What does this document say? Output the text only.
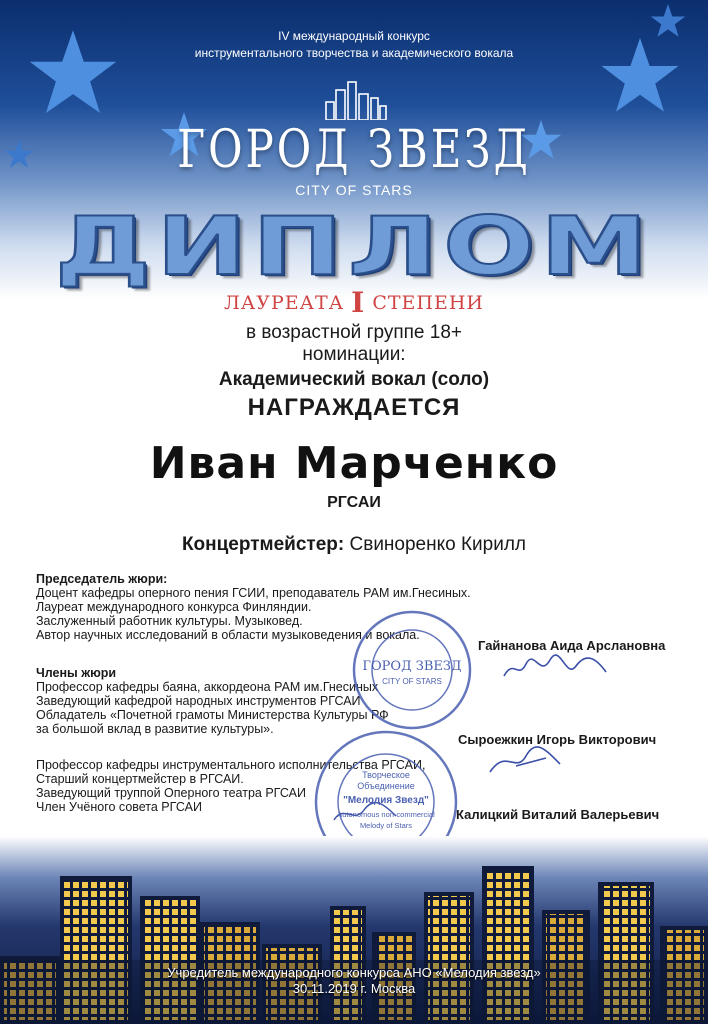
IV международный конкурс
инструментального творчества и академического вокала
ГОРОД ЗВЕЗД
CITY OF STARS
ДИПЛОМ
ЛАУРЕАТА I СТЕПЕНИ
в возрастной группе 18+
номинации:
Академический вокал (соло)
НАГРАЖДАЕТСЯ
Иван Марченко
РГСАИ
Концертмейстер: Свиноренко Кирилл
Председатель жюри:
Доцент кафедры оперного пения ГСИИ, преподаватель РАМ им.Гнесиных.
Лауреат международного конкурса Финляндии.
Заслуженный работник культуры. Музыковед.
Автор научных исследований в области музыковедения и вокала.
Члены жюри
Профессор кафедры баяна, аккордеона РАМ им.Гнесиных
Заведующий кафедрой народных инструментов РГСАИ
Обладатель «Почетной грамоты Министерства Культуры РФ
за большой вклад в развитие культуры».
Профессор кафедры инструментального исполнительства РГСАИ,
Старший концертмейстер в РГСАИ.
Заведующий труппой Оперного театра РГСАИ
Член Учёного совета РГСАИ
Гайнанова Аида Арслановна
Сыроежкин Игорь Викторович
Калицкий Виталий Валерьевич
ГОРОД ЗВЕЗД
CITY OF STARS
Творческое
Объединение
"Мелодия Звезд"
Autonomous non-commercial
Melody of Stars
Учредитель международного конкурса АНО «Мелодия звезд»
30.11.2019 г. Москва
